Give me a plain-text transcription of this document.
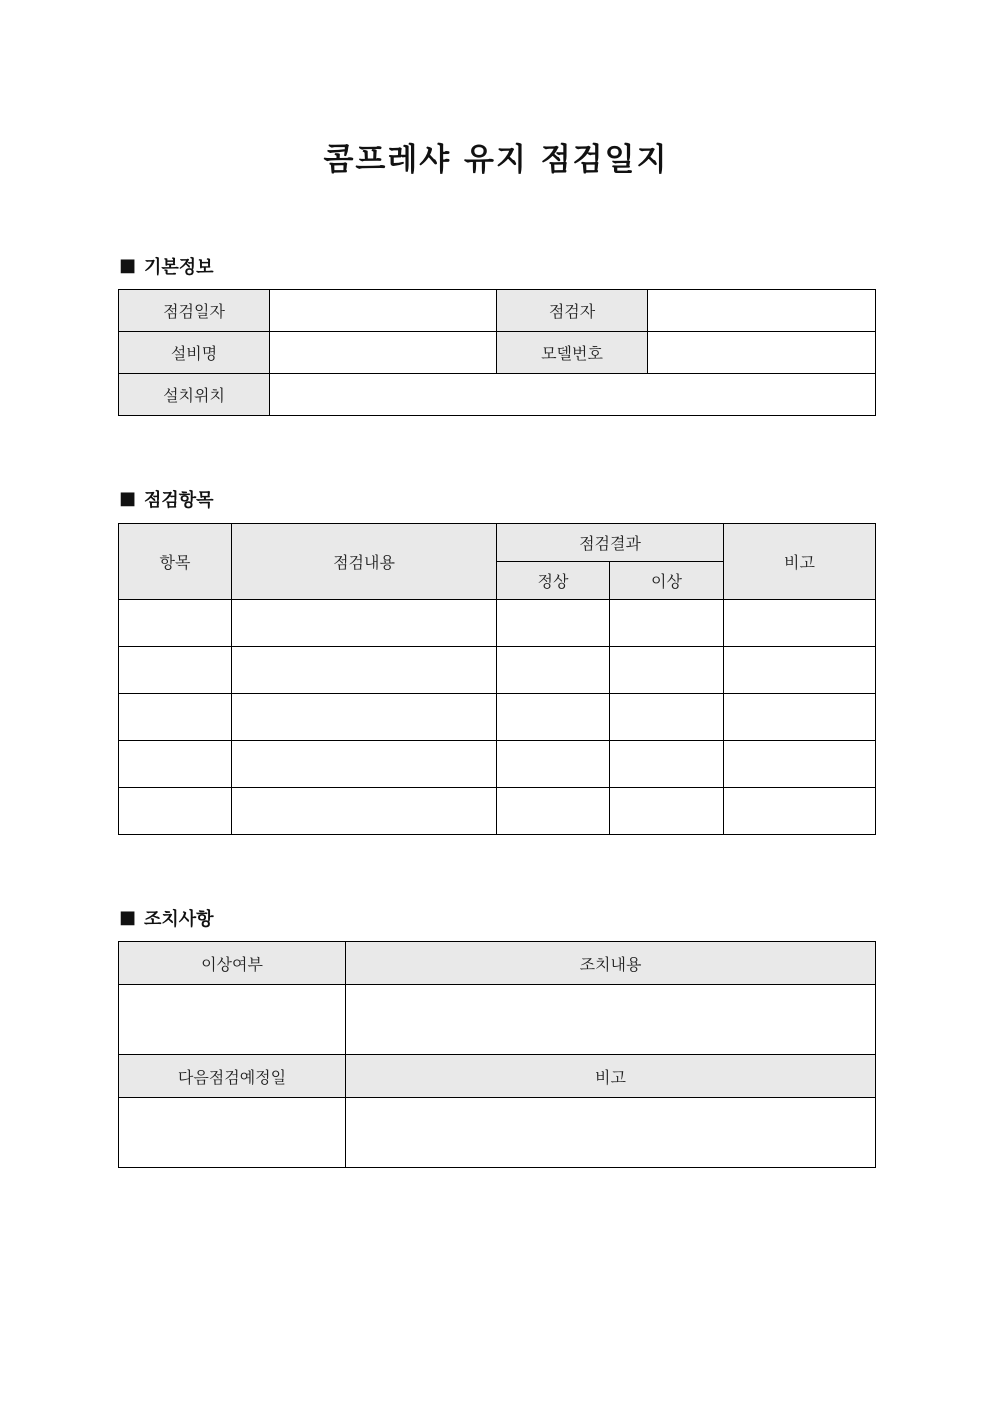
콤프레샤 유지 점검일지
■ 기본정보
점검일자		점검자	
설비명		모델번호	
설치위치			
■ 점검항목
항목	점검내용	점검결과		비고
		정상	이상	

■ 조치사항
이상여부	조치내용

다음점검예정일	비고
